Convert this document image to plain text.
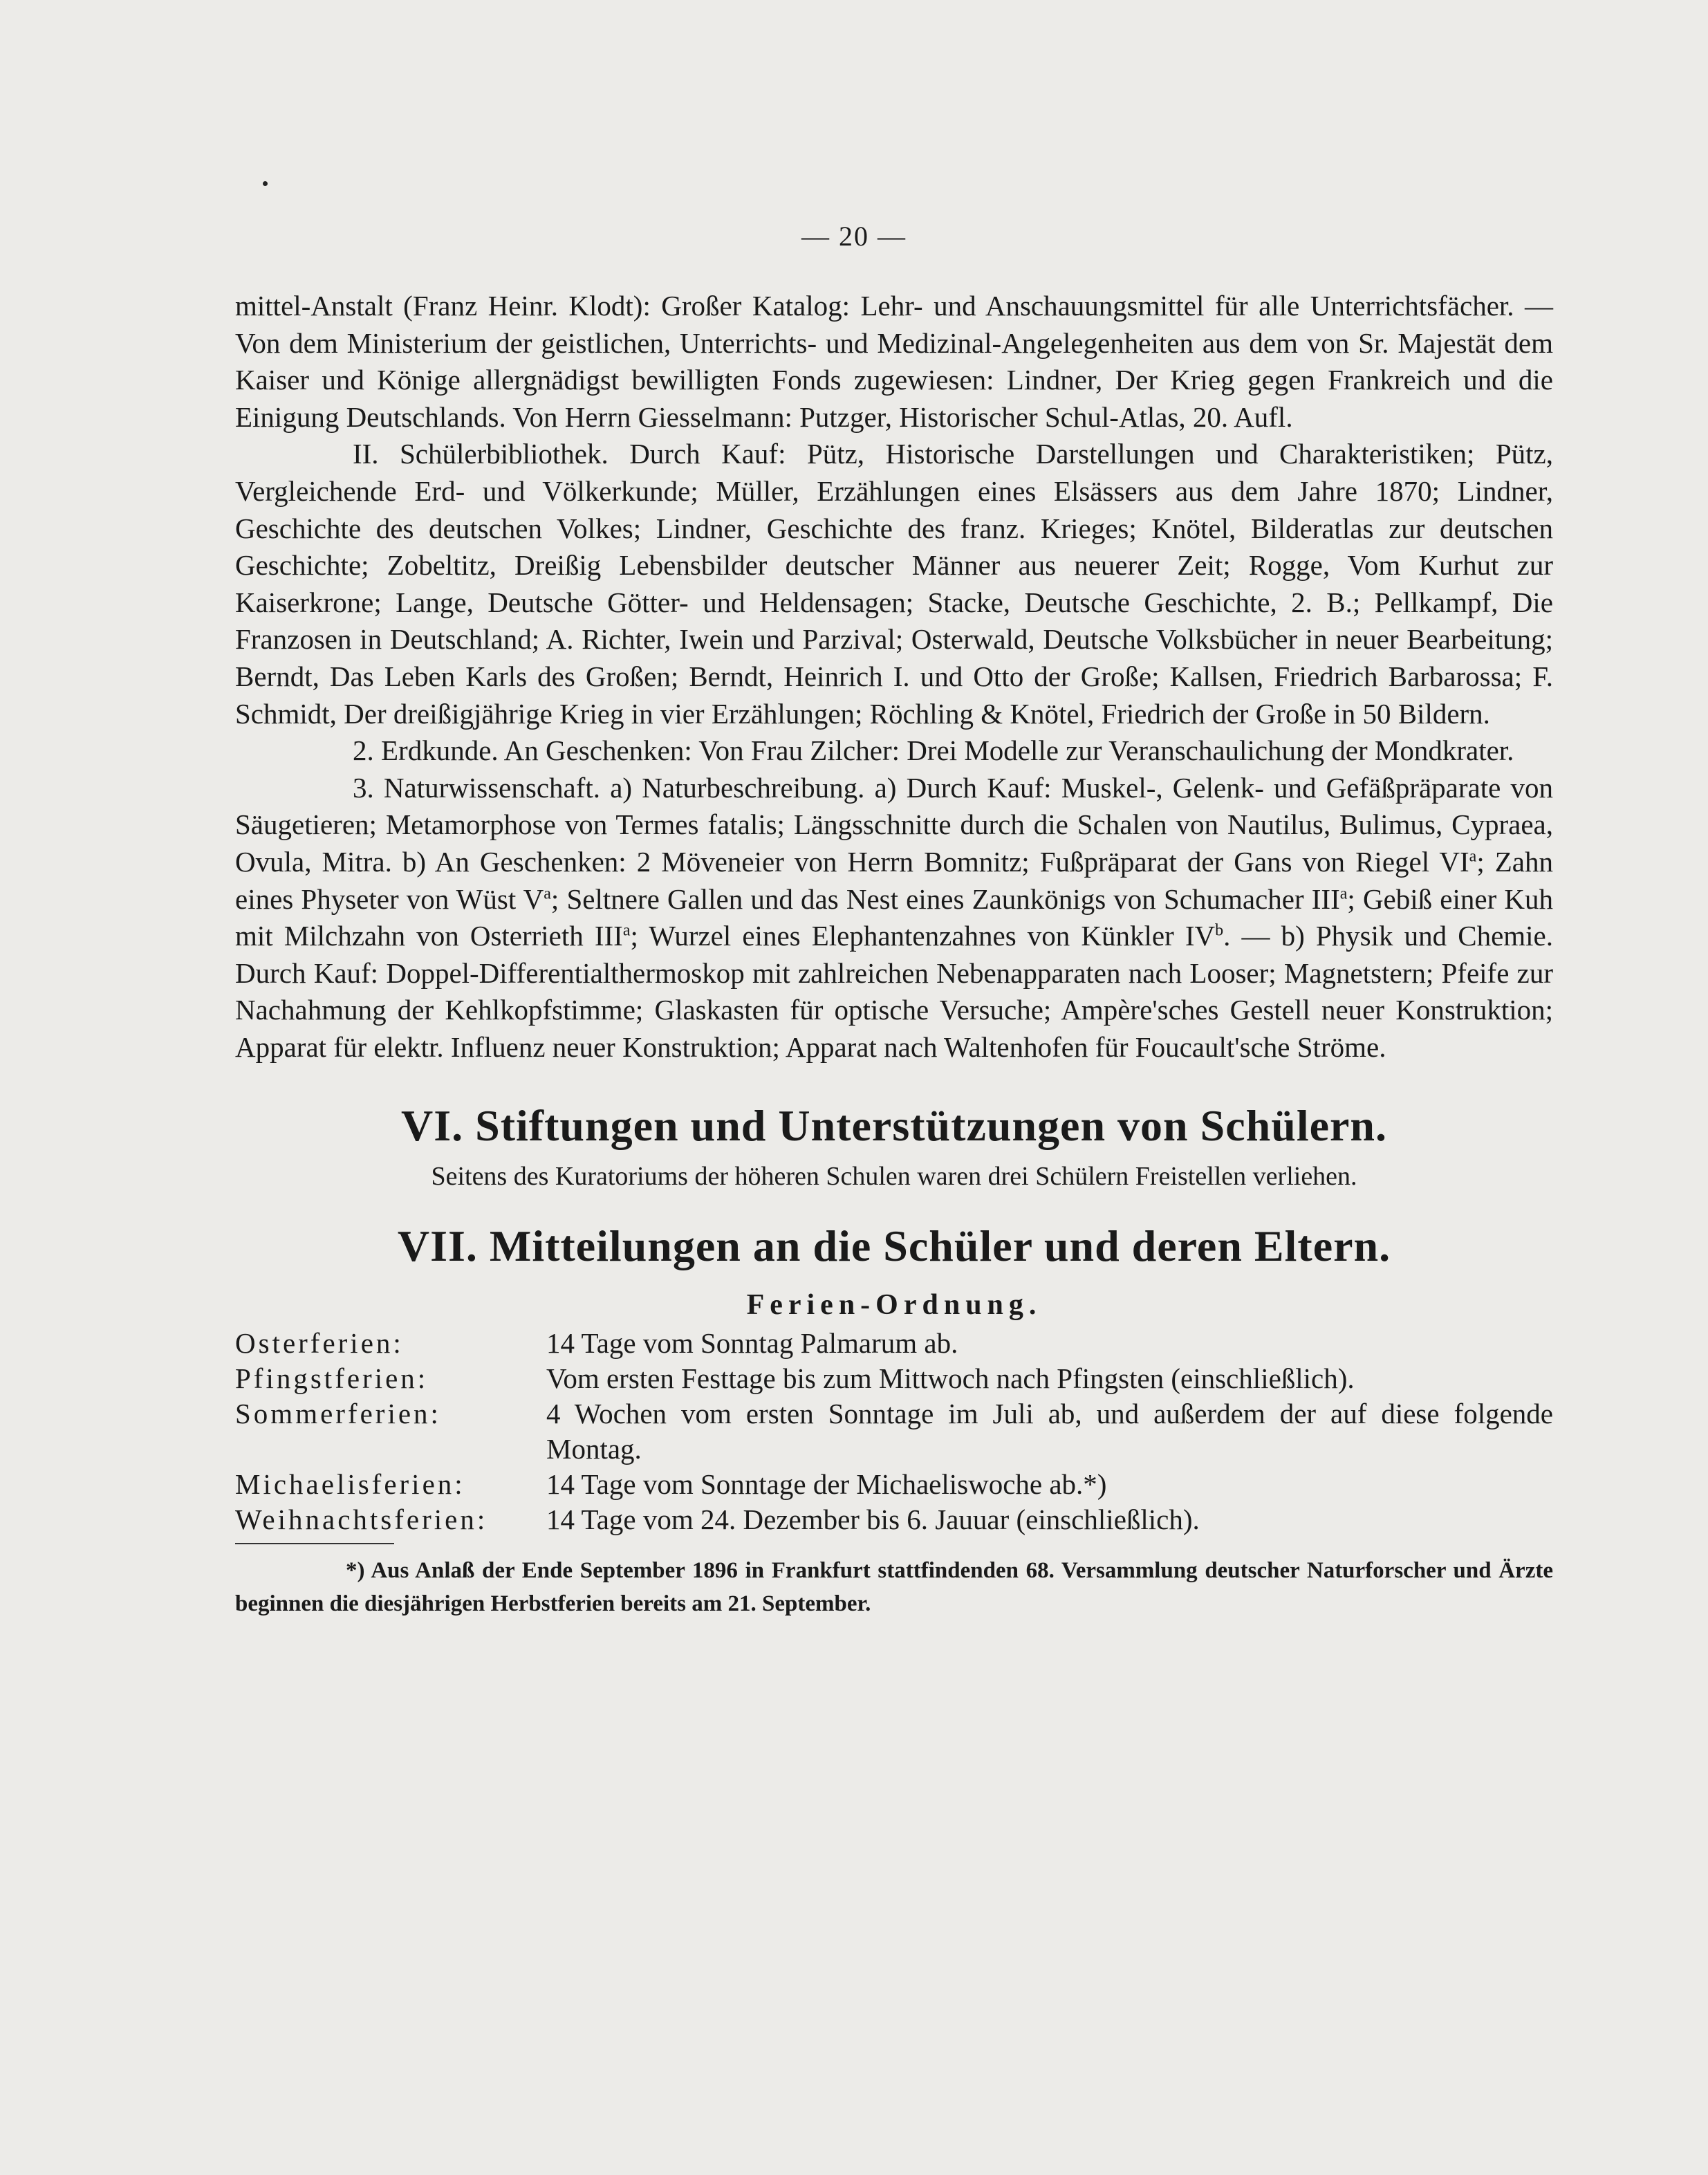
— 20 —

mittel-Anstalt (Franz Heinr. Klodt): Großer Katalog: Lehr- und Anschauungsmittel für alle Unterrichtsfächer. — Von dem Ministerium der geistlichen, Unterrichts- und Medizinal-Angelegenheiten aus dem von Sr. Majestät dem Kaiser und Könige allergnädigst bewilligten Fonds zugewiesen: Lindner, Der Krieg gegen Frankreich und die Einigung Deutschlands. Von Herrn Giesselmann: Putzger, Historischer Schul-Atlas, 20. Aufl.

II. Schülerbibliothek. Durch Kauf: Pütz, Historische Darstellungen und Charakteristiken; Pütz, Vergleichende Erd- und Völkerkunde; Müller, Erzählungen eines Elsässers aus dem Jahre 1870; Lindner, Geschichte des deutschen Volkes; Lindner, Geschichte des franz. Krieges; Knötel, Bilderatlas zur deutschen Geschichte; Zobeltitz, Dreißig Lebensbilder deutscher Männer aus neuerer Zeit; Rogge, Vom Kurhut zur Kaiserkrone; Lange, Deutsche Götter- und Heldensagen; Stacke, Deutsche Geschichte, 2. B.; Pellkampf, Die Franzosen in Deutschland; A. Richter, Iwein und Parzival; Osterwald, Deutsche Volksbücher in neuer Bearbeitung; Berndt, Das Leben Karls des Großen; Berndt, Heinrich I. und Otto der Große; Kallsen, Friedrich Barbarossa; F. Schmidt, Der dreißigjährige Krieg in vier Erzählungen; Röchling & Knötel, Friedrich der Große in 50 Bildern.

2. Erdkunde. An Geschenken: Von Frau Zilcher: Drei Modelle zur Veranschaulichung der Mondkrater.

3. Naturwissenschaft. a) Naturbeschreibung. a) Durch Kauf: Muskel-, Gelenk- und Gefäßpräparate von Säugetieren; Metamorphose von Termes fatalis; Längsschnitte durch die Schalen von Nautilus, Bulimus, Cypraea, Ovula, Mitra. b) An Geschenken: 2 Möveneier von Herrn Bomnitz; Fußpräparat der Gans von Riegel $VI^a$; Zahn eines Physeter von Wüst $V^a$; Seltnere Gallen und das Nest eines Zaunkönigs von Schumacher III$^a$; Gebiß einer Kuh mit Milchzahn von Osterrieth III$^a$; Wurzel eines Elephantenzahnes von Künkler $IV^b$. — b) Physik und Chemie. Durch Kauf: Doppel-Differentialthermoskop mit zahlreichen Nebenapparaten nach Looser; Magnetstern; Pfeife zur Nachahmung der Kehlkopfstimme; Glaskasten für optische Versuche; Ampère'sches Gestell neuer Konstruktion; Apparat für elektr. Influenz neuer Konstruktion; Apparat nach Waltenhofen für Foucault'sche Ströme.

VI. Stiftungen und Unterstützungen von Schülern.

Seitens des Kuratoriums der höheren Schulen waren drei Schülern Freistellen verliehen.

VII. Mitteilungen an die Schüler und deren Eltern.
Ferien-Ordnung.
Osterferien:	14 Tage vom Sonntag Palmarum ab.
Pfingstferien:	Vom ersten Festtage bis zum Mittwoch nach Pfingsten (einschließlich).
Sommerferien:	4 Wochen vom ersten Sonntage im Juli ab, und außerdem der auf diese folgende Montag.
Michaelisferien:	14 Tage vom Sonntage der Michaeliswoche ab.*)
Weihnachtsferien:	14 Tage vom 24. Dezember bis 6. Jauuar (einschließlich).

*) Aus Anlaß der Ende September 1896 in Frankfurt stattfindenden 68. Versammlung deutscher Naturforscher und Ärzte beginnen die diesjährigen Herbstferien bereits am 21. September.
